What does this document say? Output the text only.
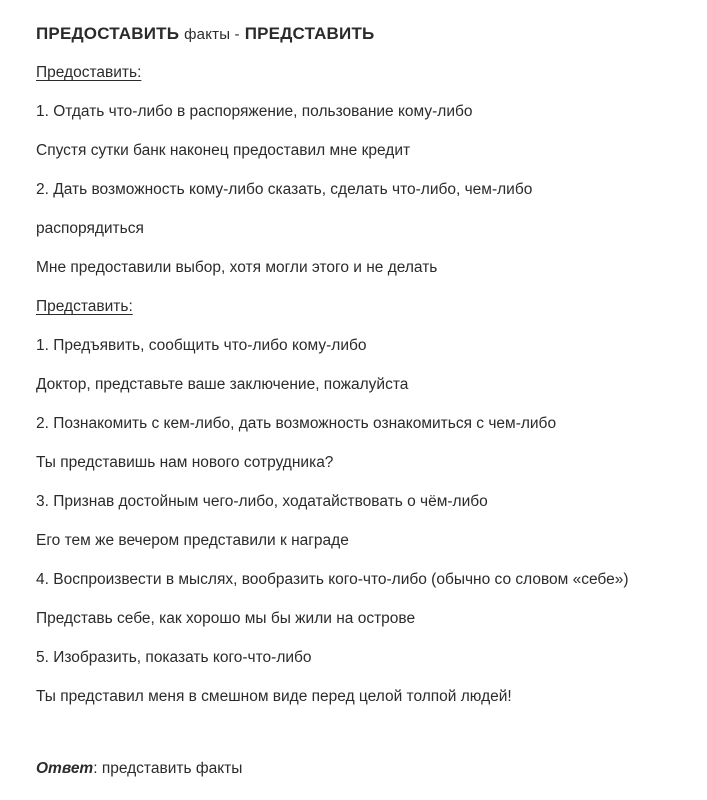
ПРЕДОСТАВИТЬ факты - ПРЕДСТАВИТЬ

Предоставить:

1. Отдать что-либо в распоряжение, пользование кому-либо

Спустя сутки банк наконец предоставил мне кредит

2. Дать возможность кому-либо сказать, сделать что-либо, чем-либо

распорядиться

Мне предоставили выбор, хотя могли этого и не делать

Представить:

1. Предъявить, сообщить что-либо кому-либо

Доктор, представьте ваше заключение, пожалуйста

2. Познакомить с кем-либо, дать возможность ознакомиться с чем-либо

Ты представишь нам нового сотрудника?

3. Признав достойным чего-либо, ходатайствовать о чём-либо

Его тем же вечером представили к награде

4. Воспроизвести в мыслях, вообразить кого-что-либо (обычно со словом «себе»)

Представь себе, как хорошо мы бы жили на острове

5. Изобразить, показать кого-что-либо

Ты представил меня в смешном виде перед целой толпой людей!

Ответ: представить факты
